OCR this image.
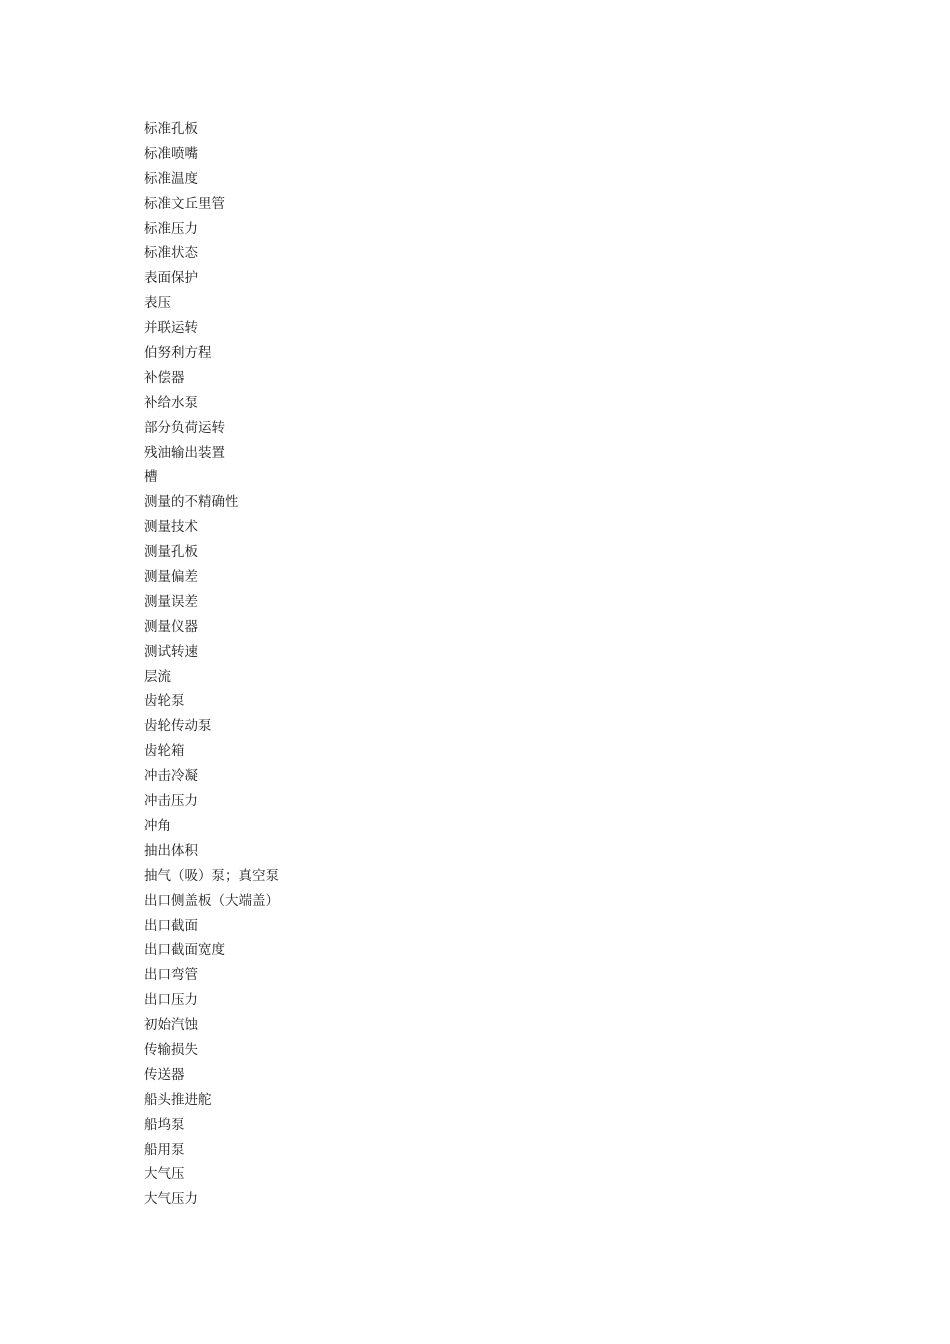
标准孔板
标准喷嘴
标准温度
标准文丘里管
标准压力
标准状态
表面保护
表压
并联运转
伯努利方程
补偿器
补给水泵
部分负荷运转
残油输出装置
槽
测量的不精确性
测量技术
测量孔板
测量偏差
测量误差
测量仪器
测试转速
层流
齿轮泵
齿轮传动泵
齿轮箱
冲击冷凝
冲击压力
冲角
抽出体积
抽气（吸）泵；真空泵
出口侧盖板（大端盖）
出口截面
出口截面宽度
出口弯管
出口压力
初始汽蚀
传输损失
传送器
船头推进舵
船坞泵
船用泵
大气压
大气压力
